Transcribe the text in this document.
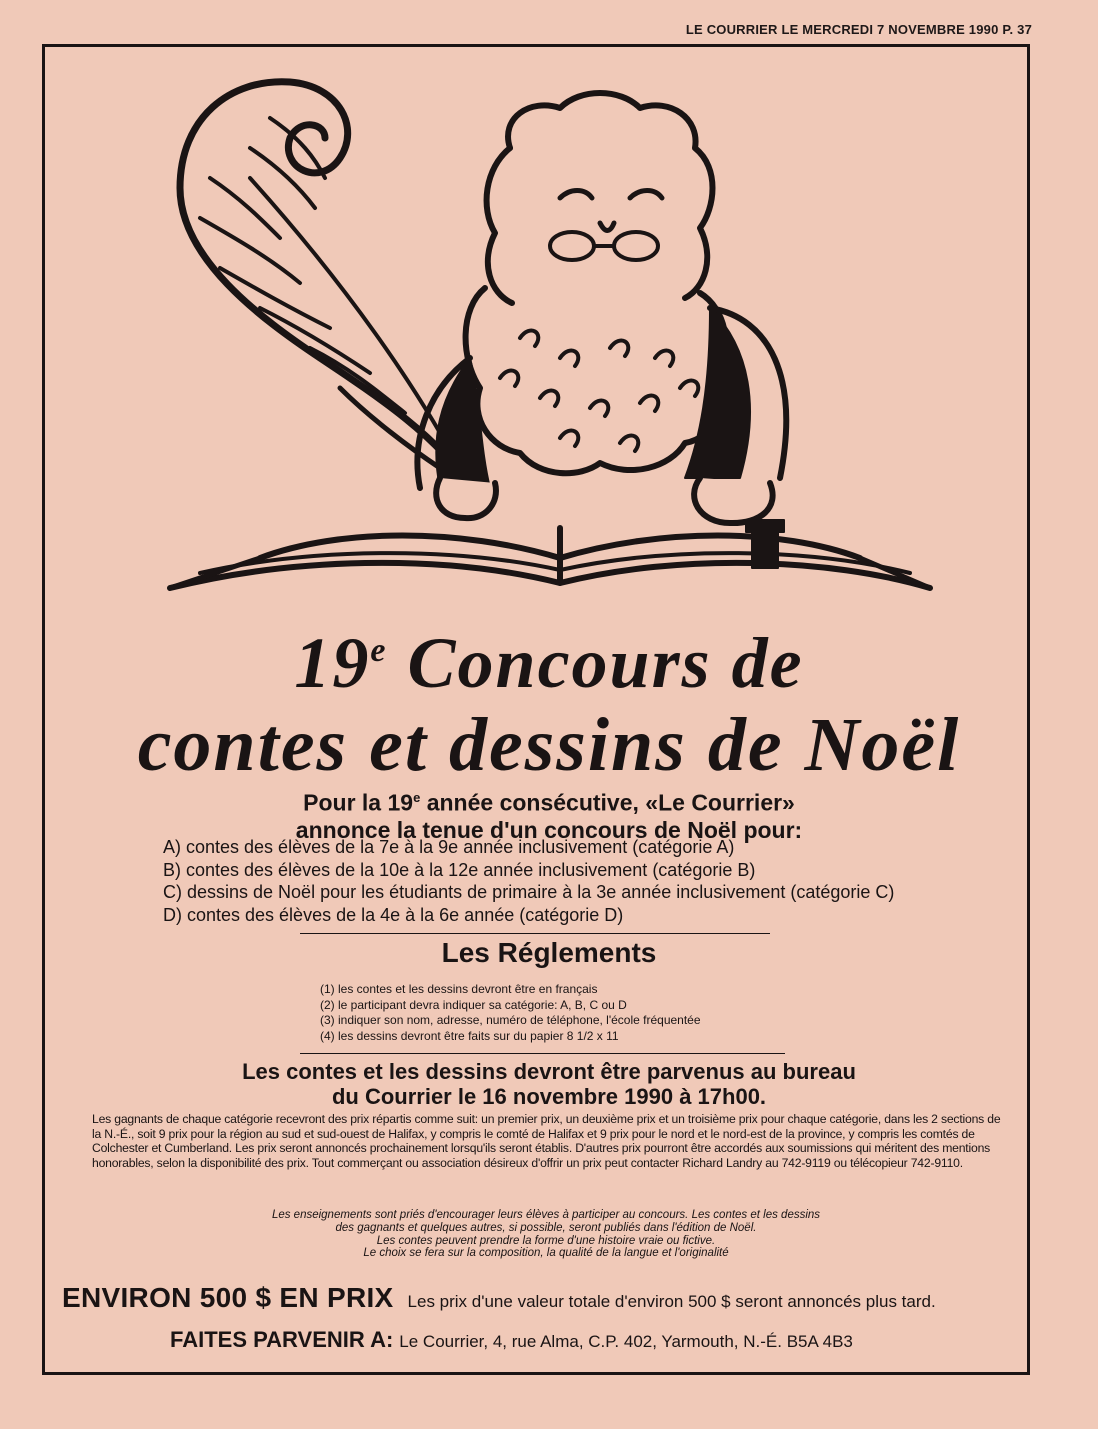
LE COURRIER LE MERCREDI 7 NOVEMBRE 1990 P. 37
19e Concours de
contes et dessins de Noël
Pour la 19e année consécutive, «Le Courrier»
annonce la tenue d'un concours de Noël pour:
A) contes des élèves de la 7e à la 9e année inclusivement (catégorie A)
B) contes des élèves de la 10e à la 12e année inclusivement (catégorie B)
C) dessins de Noël pour les étudiants de primaire à la 3e année inclusivement (catégorie C)
D) contes des élèves de la 4e à la 6e année (catégorie D)
Les Réglements
(1) les contes et les dessins devront être en français
(2) le participant devra indiquer sa catégorie: A, B, C ou D
(3) indiquer son nom, adresse, numéro de téléphone, l'école fréquentée
(4) les dessins devront être faits sur du papier 8 1/2 x 11
Les contes et les dessins devront être parvenus au bureau
du Courrier le 16 novembre 1990 à 17h00.
Les gagnants de chaque catégorie recevront des prix répartis comme suit: un premier prix, un deuxième prix et un troisième prix pour chaque catégorie, dans les 2 sections de la N.-É., soit 9 prix pour la région au sud et sud-ouest de Halifax, y compris le comté de Halifax et 9 prix pour le nord et le nord-est de la province, y compris les comtés de Colchester et Cumberland. Les prix seront annoncés prochainement lorsqu'ils seront établis. D'autres prix pourront être accordés aux soumissions qui méritent des mentions honorables, selon la disponibilité des prix. Tout commerçant ou association désireux d'offrir un prix peut contacter Richard Landry au 742-9119 ou télécopieur 742-9110.
Les enseignements sont priés d'encourager leurs élèves à participer au concours. Les contes et les dessins
des gagnants et quelques autres, si possible, seront publiés dans l'édition de Noël.
Les contes peuvent prendre la forme d'une histoire vraie ou fictive.
Le choix se fera sur la composition, la qualité de la langue et l'originalité
ENVIRON 500 $ EN PRIX Les prix d'une valeur totale d'environ 500 $ seront annoncés plus tard.
FAITES PARVENIR A: Le Courrier, 4, rue Alma, C.P. 402, Yarmouth, N.-É. B5A 4B3
